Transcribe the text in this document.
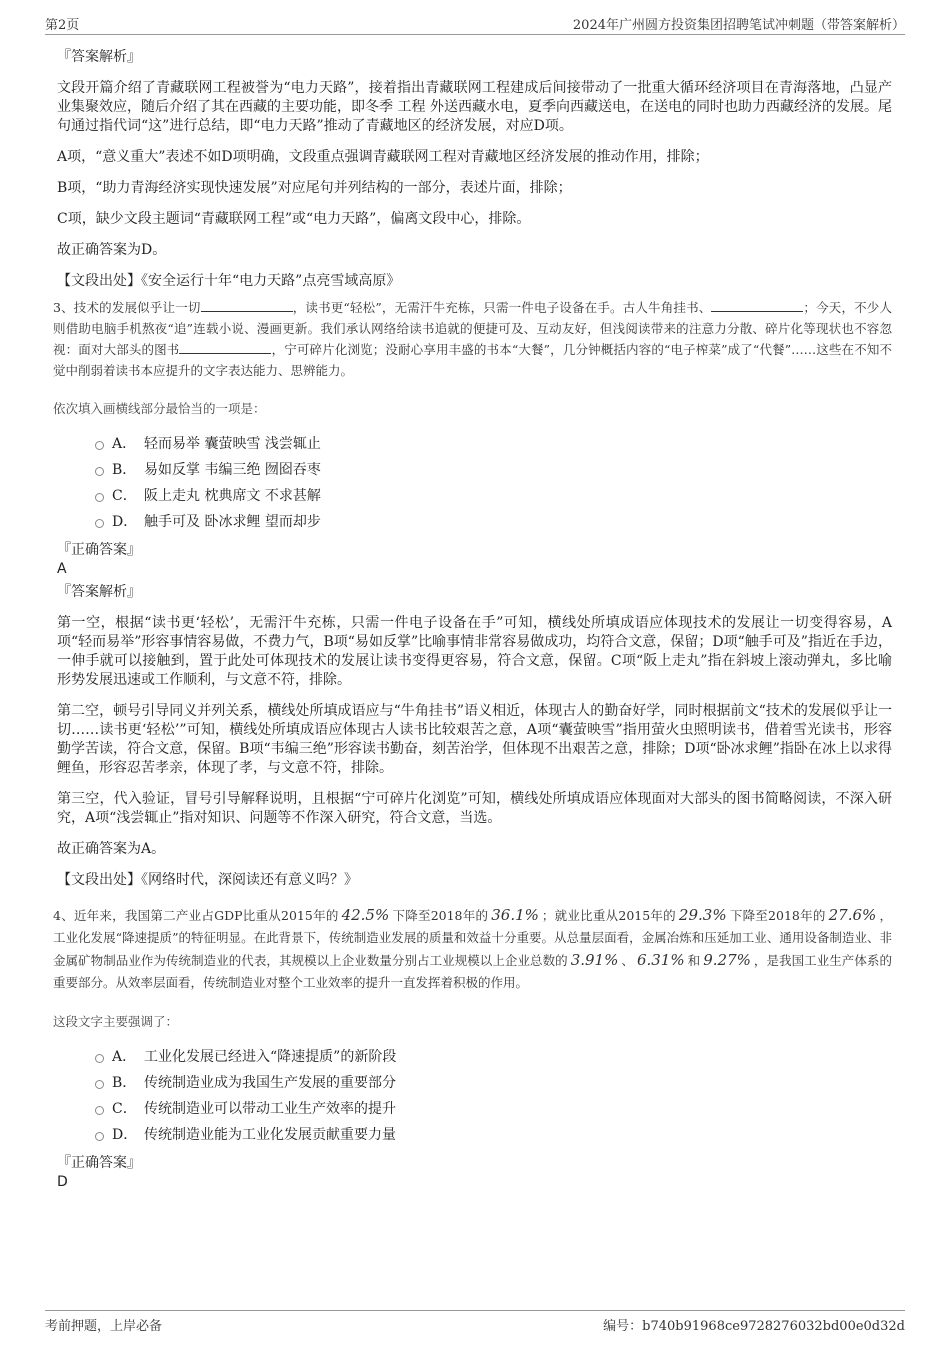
第2页	2024年广州圆方投资集团招聘笔试冲刺题（带答案解析）
『答案解析』

文段开篇介绍了青藏联网工程被誉为“电力天路”，接着指出青藏联网工程建成后间接带动了一批重大循环经济项目在青海落地，凸显产业集聚效应，随后介绍了其在西藏的主要功能，即冬季 工程 外送西藏水电，夏季向西藏送电，在送电的同时也助力西藏经济的发展。尾句通过指代词“这”进行总结，即“电力天路”推动了青藏地区的经济发展，对应D项。

A项，“意义重大”表述不如D项明确，文段重点强调青藏联网工程对青藏地区经济发展的推动作用，排除；

B项，“助力青海经济实现快速发展”对应尾句并列结构的一部分，表述片面，排除；

C项，缺少文段主题词“青藏联网工程”或“电力天路”，偏离文段中心，排除。

故正确答案为D。

【文段出处】《安全运行十年“电力天路”点亮雪域高原》
3、技术的发展似乎让一切	，读书更“轻松”，无需汗牛充栋，只需一件电子设备在手。古人牛角挂书、	；今天，不少人则借助电脑手机熬夜“追”连载小说、漫画更新。我们承认网络给读书追就的便捷可及、互动友好，但浅阅读带来的注意力分散、碎片化等现状也不容忽视：面对大部头的图书	，宁可碎片化浏览；没耐心享用丰盛的书本“大餐”，几分钟概括内容的“电子榨菜”成了“代餐”……这些在不知不觉中削弱着读书本应提升的文字表达能力、思辨能力。
依次填入画横线部分最恰当的一项是：
A． 轻而易举 囊萤映雪 浅尝辄止
B． 易如反掌 韦编三绝 囫囵吞枣
C． 阪上走丸 枕典席文 不求甚解
D． 触手可及 卧冰求鲤 望而却步
『正确答案』
A
『答案解析』

第一空，根据“读书更‘轻松’，无需汗牛充栋，只需一件电子设备在手”可知，横线处所填成语应体现技术的发展让一切变得容易，A项“轻而易举”形容事情容易做，不费力气，B项“易如反掌”比喻事情非常容易做成功，均符合文意，保留；D项“触手可及”指近在手边，一伸手就可以接触到，置于此处可体现技术的发展让读书变得更容易，符合文意，保留。C项“阪上走丸”指在斜坡上滚动弹丸，多比喻形势发展迅速或工作顺利，与文意不符，排除。

第二空，顿号引导同义并列关系，横线处所填成语应与“牛角挂书”语义相近，体现古人的勤奋好学，同时根据前文“技术的发展似乎让一切……读书更‘轻松’”可知，横线处所填成语应体现古人读书比较艰苦之意，A项“囊萤映雪”指用萤火虫照明读书，借着雪光读书，形容勤学苦读，符合文意，保留。B项“韦编三绝”形容读书勤奋，刻苦治学，但体现不出艰苦之意，排除；D项“卧冰求鲤”指卧在冰上以求得鲤鱼，形容忍苦孝亲，体现了孝，与文意不符，排除。

第三空，代入验证，冒号引导解释说明，且根据“宁可碎片化浏览”可知，横线处所填成语应体现面对大部头的图书简略阅读，不深入研究，A项“浅尝辄止”指对知识、问题等不作深入研究，符合文意，当选。

故正确答案为A。

【文段出处】《网络时代，深阅读还有意义吗？》
4、近年来，我国第二产业占GDP比重从2015年的 42.5% 下降至2018年的 36.1% ；就业比重从2015年的 29.3% 下降至2018年的 27.6% ，工业化发展“降速提质”的特征明显。在此背景下，传统制造业发展的质量和效益十分重要。从总量层面看，金属冶炼和压延加工业、通用设备制造业、非金属矿物制品业作为传统制造业的代表，其规模以上企业数量分别占工业规模以上企业总数的 3.91% 、 6.31% 和 9.27% ，是我国工业生产体系的重要部分。从效率层面看，传统制造业对整个工业效率的提升一直发挥着积极的作用。
这段文字主要强调了：
A． 工业化发展已经进入“降速提质”的新阶段
B． 传统制造业成为我国生产发展的重要部分
C． 传统制造业可以带动工业生产效率的提升
D． 传统制造业能为工业化发展贡献重要力量
『正确答案』
D
考前押题，上岸必备	编号：b740b91968ce9728276032bd00e0d32d
